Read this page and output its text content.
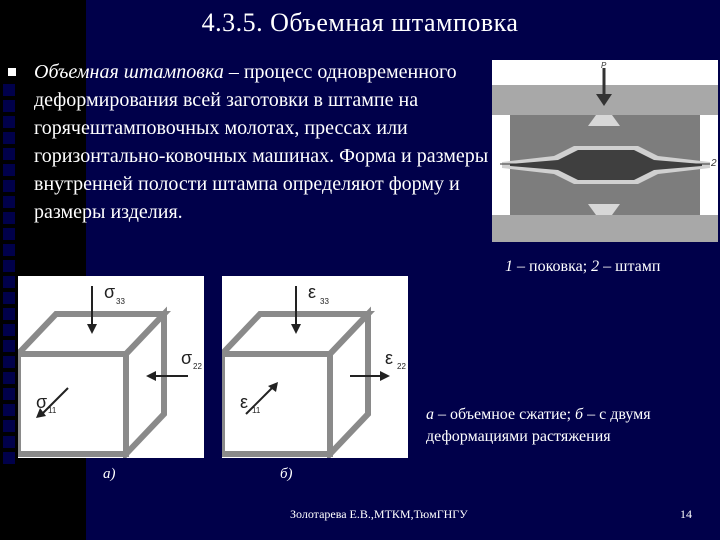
4.3.5. Объемная штамповка
Объемная штамповка – процесс одновременного деформирования всей заготовки в штампе на горячештамповочных молотах, прессах или горизонтально-ковочных машинах. Форма и размеры внутренней полости штампа определяют форму и размеры изделия.
P
1	2
1 – поковка; 2 – штамп
σ 33
σ 22
σ 11
ε 33
ε 22
ε 11	а – объемное сжатие; б – с двумя деформациями растяжения
а)	б)
Золотарева Е.В.,МТКМ,ТюмГНГУ	14
